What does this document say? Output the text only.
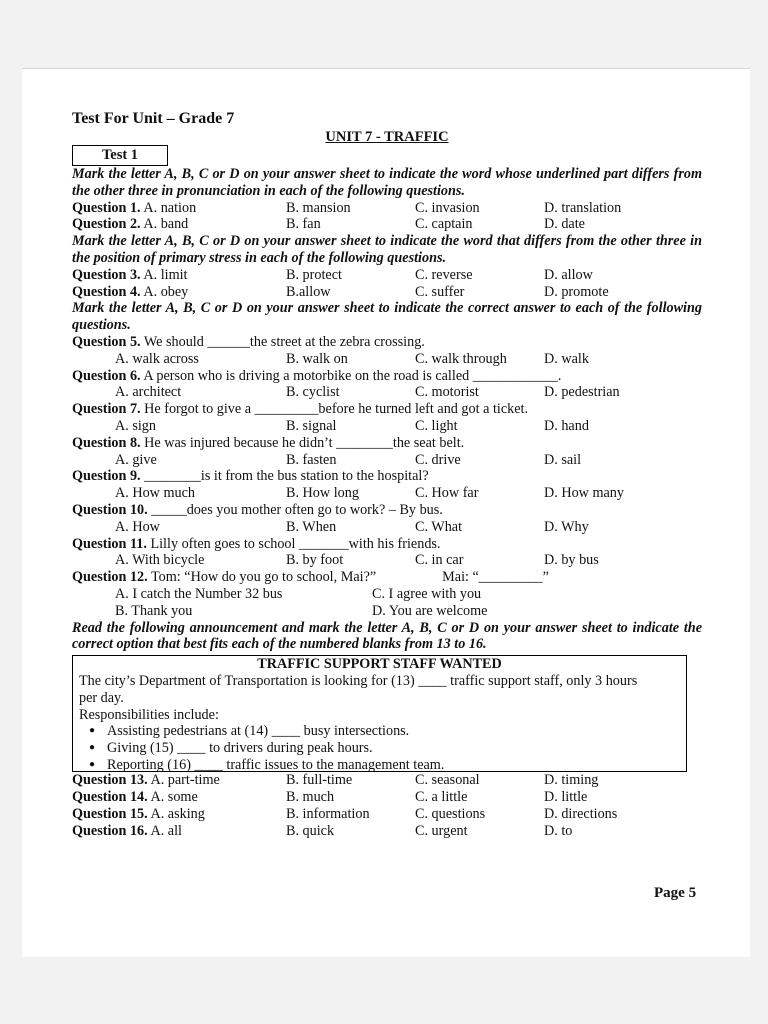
Test For Unit – Grade 7
UNIT 7 - TRAFFIC
Test 1
Mark the letter A, B, C or D on your answer sheet to indicate the word whose underlined part differs from the other three in pronunciation in each of the following questions.
Question 1. A. nation	B. mansion	C. invasion	D. translation
Question 2. A. band	B. fan	C. captain	D. date
Mark the letter A, B, C or D on your answer sheet to indicate the word that differs from the other three in the position of primary stress in each of the following questions.
Question 3. A. limit	B. protect	C. reverse	D. allow
Question 4. A. obey	B.allow	C. suffer	D. promote
Mark the letter A, B, C or D on your answer sheet to indicate the correct answer to each of the following questions.
Question 5. We should ______the street at the zebra crossing.
A. walk across	B. walk on	C. walk through	D. walk
Question 6. A person who is driving a motorbike on the road is called ____________.
A. architect	B. cyclist	C. motorist	D. pedestrian
Question 7. He forgot to give a _________before he turned left and got a ticket.
A. sign	B. signal	C. light	D. hand
Question 8. He was injured because he didn’t ________the seat belt.
A. give	B. fasten	C. drive	D. sail
Question 9. ________is it from the bus station to the hospital?
A. How much	B. How long	C. How far	D. How many
Question 10. _____does you mother often go to work? – By bus.
A. How	B. When	C. What	D. Why
Question 11. Lilly often goes to school _______with his friends.
A. With bicycle	B. by foot	C. in car	D. by bus
Question 12. Tom: “How do you go to school, Mai?”	Mai: “_________”
A. I catch the Number 32 bus	C. I agree with you
B. Thank you	D. You are welcome
Read the following announcement and mark the letter A, B, C or D on your answer sheet to indicate the correct option that best fits each of the numbered blanks from 13 to 16.
TRAFFIC SUPPORT STAFF WANTED
The city’s Department of Transportation is looking for (13) ____ traffic support staff, only 3 hours
per day.
Responsibilities include:
● Assisting pedestrians at (14) ____ busy intersections.
● Giving (15) ____ to drivers during peak hours.
● Reporting (16) ____ traffic issues to the management team.
Question 13. A. part-time	B. full-time	C. seasonal	D. timing
Question 14. A. some	B. much	C. a little	D. little
Question 15. A. asking	B. information	C. questions	D. directions
Question 16. A. all	B. quick	C. urgent	D. to
Page 5
